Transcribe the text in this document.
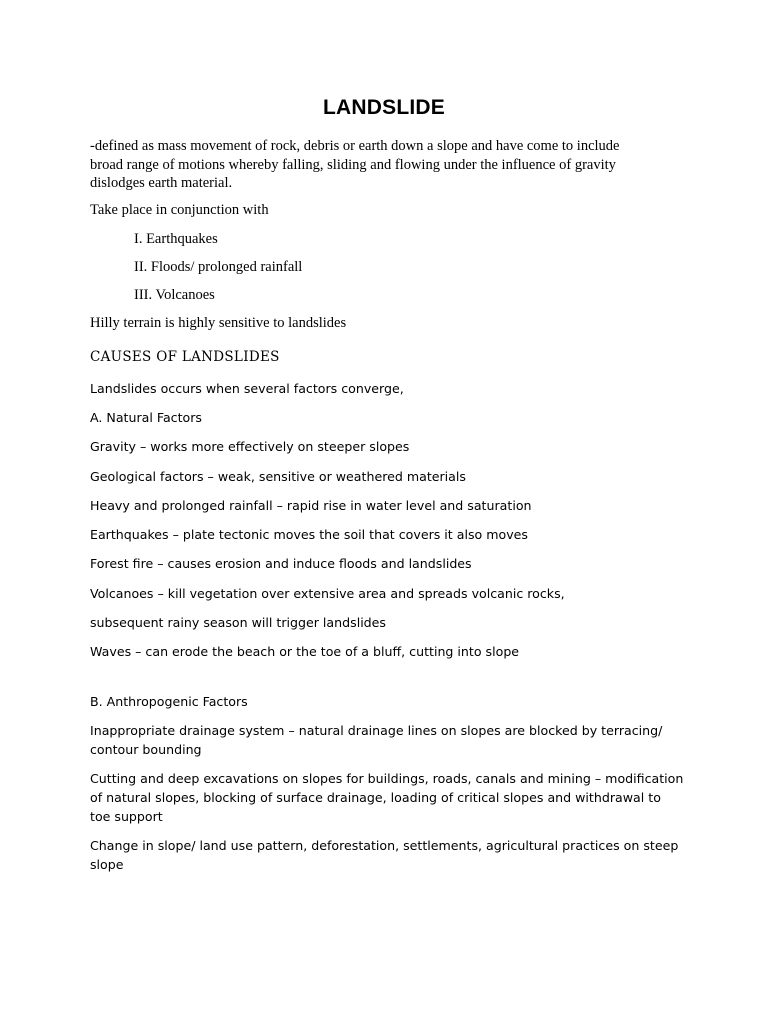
LANDSLIDE

-defined as mass movement of rock, debris or earth down a slope and have come to include broad range of motions whereby falling, sliding and flowing under the influence of gravity dislodges earth material.

Take place in conjunction with

I. Earthquakes

II. Floods/ prolonged rainfall

III. Volcanoes

Hilly terrain is highly sensitive to landslides

CAUSES OF LANDSLIDES

Landslides occurs when several factors converge,

A. Natural Factors

Gravity – works more effectively on steeper slopes

Geological factors – weak, sensitive or weathered materials

Heavy and prolonged rainfall – rapid rise in water level and saturation

Earthquakes – plate tectonic moves the soil that covers it also moves

Forest fire – causes erosion and induce floods and landslides

Volcanoes – kill vegetation over extensive area and spreads volcanic rocks,

subsequent rainy season will trigger landslides

Waves – can erode the beach or the toe of a bluff, cutting into slope

B. Anthropogenic Factors

Inappropriate drainage system – natural drainage lines on slopes are blocked by terracing/ contour bounding

Cutting and deep excavations on slopes for buildings, roads, canals and mining – modification of natural slopes, blocking of surface drainage, loading of critical slopes and withdrawal to toe support

Change in slope/ land use pattern, deforestation, settlements, agricultural practices on steep slope
